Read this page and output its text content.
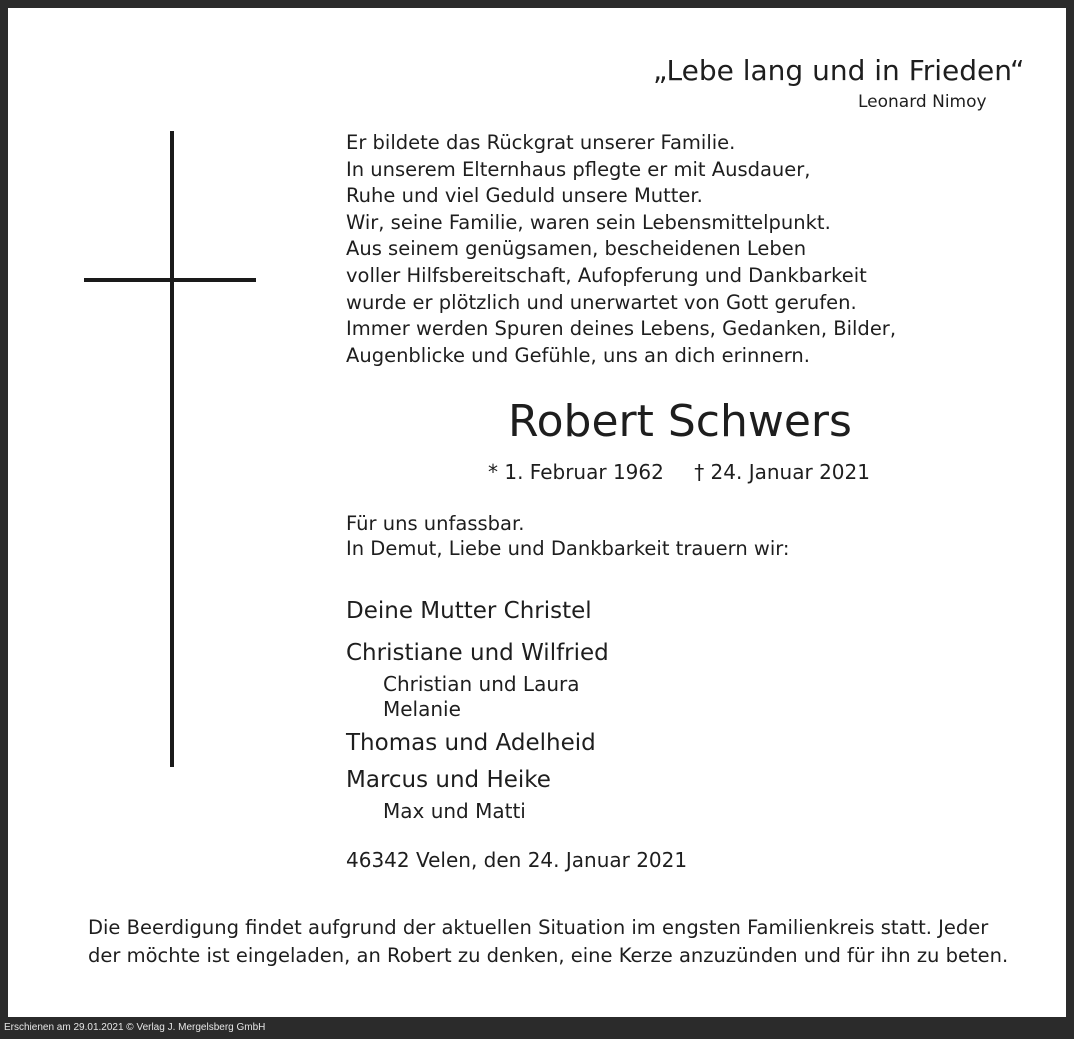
„Lebe lang und in Frieden“
Leonard Nimoy
Er bildete das Rückgrat unserer Familie.
In unserem Elternhaus pflegte er mit Ausdauer,
Ruhe und viel Geduld unsere Mutter.
Wir, seine Familie, waren sein Lebensmittelpunkt.
Aus seinem genügsamen, bescheidenen Leben
voller Hilfsbereitschaft, Aufopferung und Dankbarkeit
wurde er plötzlich und unerwartet von Gott gerufen.
Immer werden Spuren deines Lebens, Gedanken, Bilder,
Augenblicke und Gefühle, uns an dich erinnern.
Robert Schwers
* 1. Februar 1962 † 24. Januar 2021
Für uns unfassbar.
In Demut, Liebe und Dankbarkeit trauern wir:
Deine Mutter Christel
Christiane und Wilfried
Christian und Laura
Melanie
Thomas und Adelheid
Marcus und Heike
Max und Matti
46342 Velen, den 24. Januar 2021
Die Beerdigung findet aufgrund der aktuellen Situation im engsten Familienkreis statt. Jeder
der möchte ist eingeladen, an Robert zu denken, eine Kerze anzuzünden und für ihn zu beten.
Erschienen am 29.01.2021 © Verlag J. Mergelsberg GmbH
